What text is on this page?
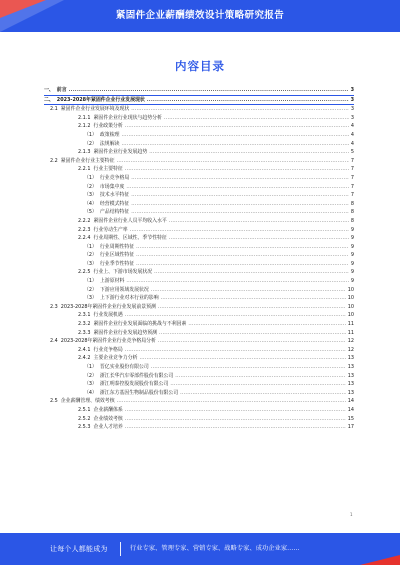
紧固件企业薪酬绩效设计策略研究报告
内容目录
一、 前言 .....	3
二、 2023-2028年紧固件企业行业发展现状 .....	3
2.1 紧固件企业行业发展环境及现状 .....	3
2.1.1 紧固件企业行业现状与趋势分析 .....	3
2.1.2 行业政策分析 .....	4
（1） 政策梳理 .....	4
（2） 法规解读 .....	4
2.1.3 紧固件企业行业发展趋势 .....	5
2.2 紧固件企业行业主要特征 .....	7
2.2.1 行业主要特征 .....	7
（1） 行业竞争格局 .....	7
（2） 市场集中度 .....	7
（3） 技术水平特征 .....	7
（4） 经营模式特征 .....	8
（5） 产品结构特征 .....	8
2.2.2 紧固件企业行业人员平均收入水平 .....	8
2.2.3 行业劳动生产率 .....	9
2.2.4 行业周期性、区域性、季节性特征 .....	9
（1） 行业周期性特征 .....	9
（2） 行业区域性特征 .....	9
（3） 行业季节性特征 .....	9
2.2.5 行业上、下游市场发展状况 .....	9
（1） 上游原材料 .....	9
（2） 下游应用领域发展状况 .....	10
（3） 上下游行业对本行业的影响 .....	10
2.3 2023-2028年紧固件企业行业发展前景预测 .....	10
2.3.1 行业发展机遇 .....	10
2.3.2 紧固件企业行业发展面临的挑战与不利因素 .....	11
2.3.3 紧固件企业行业发展趋势预测 .....	11
2.4 2023-2028年紧固件企业行业竞争格局分析 .....	12
2.4.1 行业竞争格局 .....	12
2.4.2 主要企业竞争力分析 .....	13
（1） 晋亿实业股份有限公司 .....	13
（2） 浙江长华汽车零部件股份有限公司 .....	13
（3） 浙江明泰控股发展股份有限公司 .....	13
（4） 浙江东方基因生物制品股份有限公司 .....	13
2.5 企业薪酬管理、绩效考核 .....	14
2.5.1 企业薪酬体系 .....	14
2.5.2 企业绩效考核 .....	15
2.5.3 企业人才培养 .....	17
1
让每个人都能成为	行业专家、管理专家、营销专家、战略专家、成功企业家……
